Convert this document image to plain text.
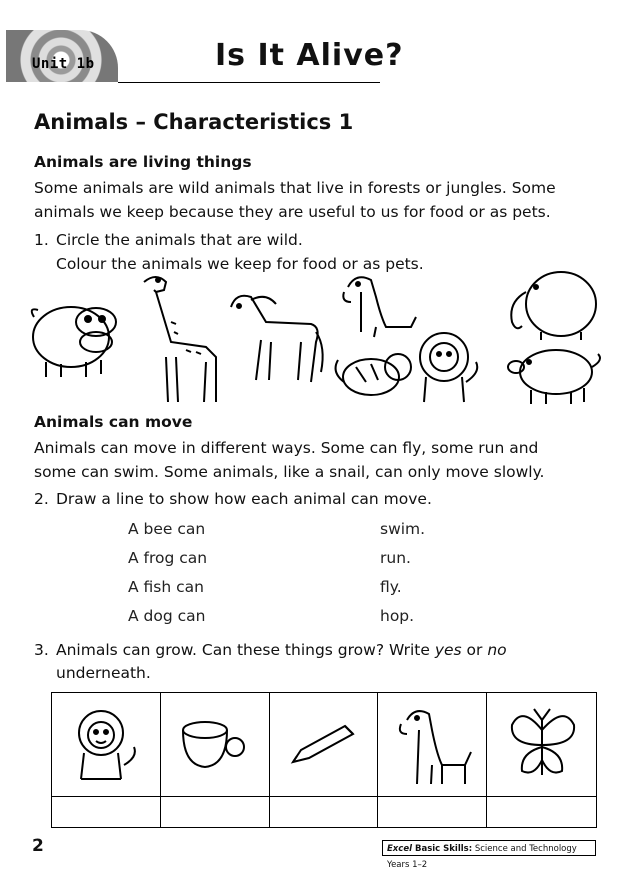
Unit 1b	Is It Alive?
Animals – Characteristics 1
Animals are living things
Some animals are wild animals that live in forests or jungles. Some
animals we keep because they are useful to us for food or as pets.
1. Circle the animals that are wild.
Colour the animals we keep for food or as pets.
Animals can move
Animals can move in different ways. Some can fly, some run and
some can swim. Some animals, like a snail, can only move slowly.
2. Draw a line to show how each animal can move.
A bee can
A frog can
A fish can
A dog can
swim.
run.
fly.
hop.
3. Animals can grow. Can these things grow? Write yes or no
underneath.
2	Excel Basic Skills: Science and Technology Years 1–2
